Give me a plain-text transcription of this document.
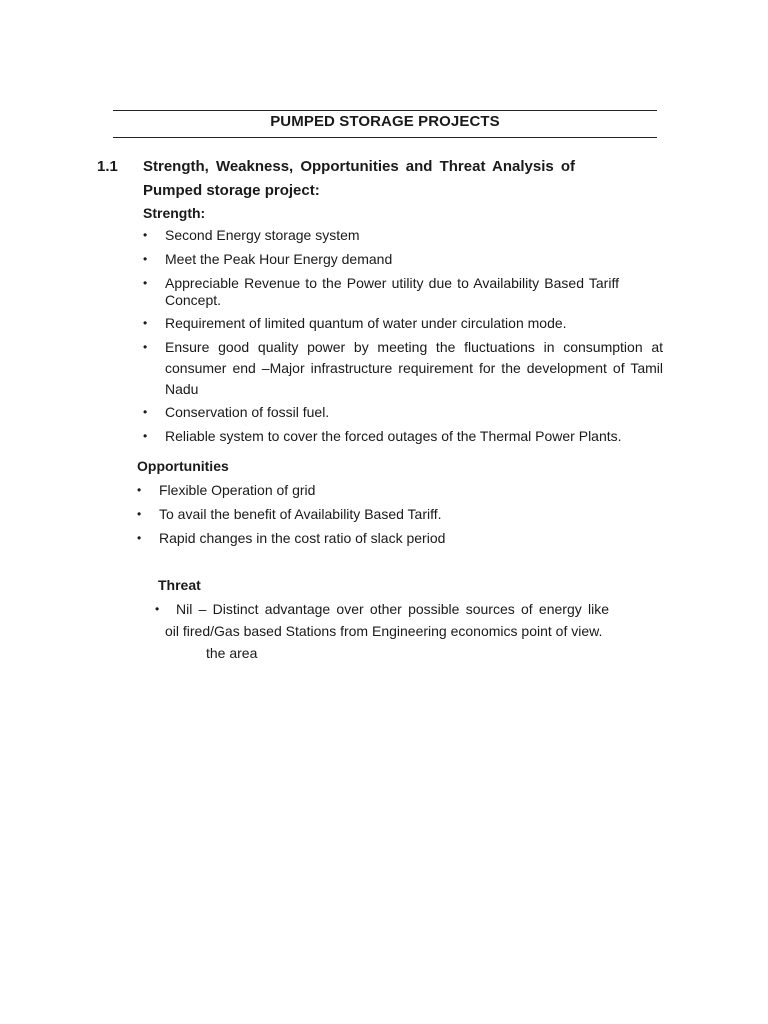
PUMPED STORAGE PROJECTS
1.1 Strength, Weakness, Opportunities and Threat Analysis of
Pumped storage project:
Strength:
• Second Energy storage system
• Meet the Peak Hour Energy demand
• Appreciable Revenue to the Power utility due to Availability Based Tariff
Concept.
• Requirement of limited quantum of water under circulation mode.
• Ensure good quality power by meeting the fluctuations in consumption at
consumer end –Major infrastructure requirement for the development of Tamil
Nadu
• Conservation of fossil fuel.
• Reliable system to cover the forced outages of the Thermal Power Plants.
Opportunities
• Flexible Operation of grid
• To avail the benefit of Availability Based Tariff.
• Rapid changes in the cost ratio of slack period
Threat
•	Nil – Distinct advantage over other possible sources of energy like
oil fired/Gas based Stations from Engineering economics point of view.
the area
